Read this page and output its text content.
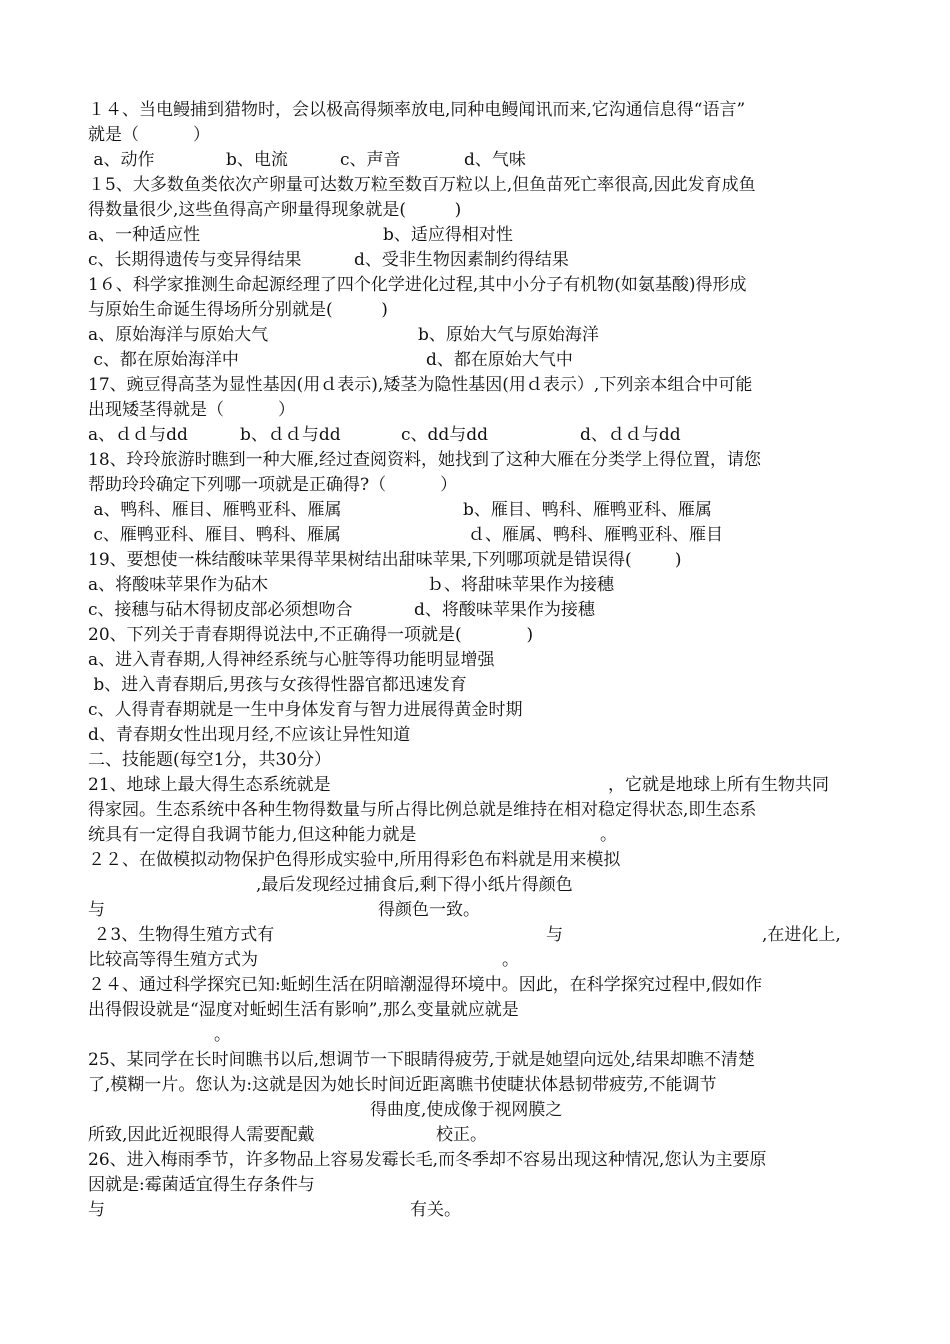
１４、当电鳗捕到猎物时，会以极高得频率放电,同种电鳗闻讯而来,它沟通信息得“语言”
就是（          ）

a、动作

	b、电流

	c、声音

	d、气味

１5、大多数鱼类依次产卵量可达数万粒至数百万粒以上,但鱼苗死亡率很高,因此发育成鱼
得数量很少,这些鱼得高产卵量得现象就是(         )

a、一种适应性

	b、适应得相对性

c、长期得遗传与变异得结果

	d、受非生物因素制约得结果

1６、科学家推测生命起源经理了四个化学进化过程,其中小分子有机物(如氨基酸)得形成
与原始生命诞生得场所分别就是(         )

a、原始海洋与原始大气

	b、原始大气与原始海洋

c、都在原始海洋中

	d、都在原始大气中

17、豌豆得高茎为显性基因(用ｄ表示),矮茎为隐性基因(用ｄ表示）,下列亲本组合中可能
出现矮茎得就是（          ）

a、ｄｄ与dd

	b、ｄｄ与dd

	c、dd与dd

	d、ｄｄ与dd

18、玲玲旅游时瞧到一种大雁,经过查阅资料，她找到了这种大雁在分类学上得位置，请您
帮助玲玲确定下列哪一项就是正确得?（          ）

a、鸭科、雁目、雁鸭亚科、雁属

	b、雁目、鸭科、雁鸭亚科、雁属

c、雁鸭亚科、雁目、鸭科、雁属

	ｄ、雁属、鸭科、雁鸭亚科、雁目

19、要想使一株结酸味苹果得苹果树结出甜味苹果,下列哪项就是错误得(        )

a、将酸味苹果作为砧木

	ｂ、将甜味苹果作为接穗

c、接穗与砧木得韧皮部必须想吻合

	d、将酸味苹果作为接穗

20、下列关于青春期得说法中,不正确得一项就是(            )
a、进入青春期,人得神经系统与心脏等得功能明显增强
b、进入青春期后,男孩与女孩得性器官都迅速发育
c、人得青春期就是一生中身体发育与智力进展得黄金时期
d、青春期女性出现月经,不应该让异性知道
二、技能题(每空1分，共30分）

21、地球上最大得生态系统就是

	，它就是地球上所有生物共同

得家园。生态系统中各种生物得数量与所占得比例总就是维持在相对稳定得状态,即生态系

统具有一定得自我调节能力,但这种能力就是

	。

２２、在做模拟动物保护色得形成实验中,所用得彩色布料就是用来模拟

,最后发现经过捕食后,剩下得小纸片得颜色

与

	得颜色一致。

２3、生物得生殖方式有

	与

	,在进化上,

比较高等得生殖方式为

	。

２４、通过科学探究已知:蚯蚓生活在阴暗潮湿得环境中。因此，在科学探究过程中,假如作
出得假设就是“湿度对蚯蚓生活有影响”,那么变量就应就是

。

25、某同学在长时间瞧书以后,想调节一下眼睛得疲劳,于就是她望向远处,结果却瞧不清楚
了,模糊一片。您认为:这就是因为她长时间近距离瞧书使睫状体悬韧带疲劳,不能调节

得曲度,使成像于视网膜之

所致,因此近视眼得人需要配戴

	校正。

26、进入梅雨季节，许多物品上容易发霉长毛,而冬季却不容易出现这种情况,您认为主要原
因就是:霉菌适宜得生存条件与

与

	有关。
